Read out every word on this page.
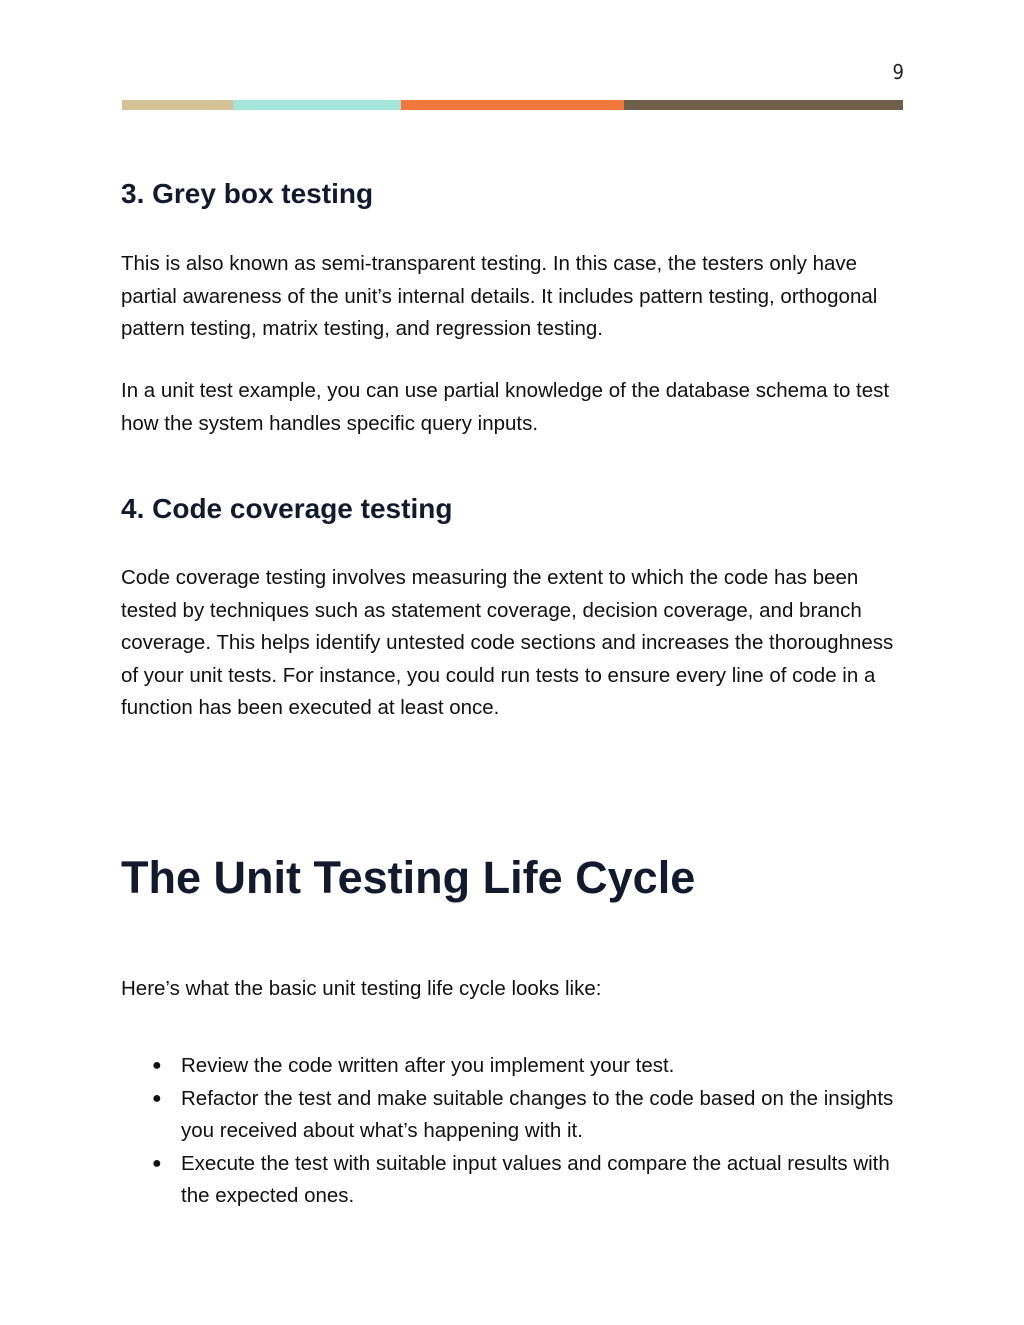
9
3. Grey box testing

This is also known as semi-transparent testing. In this case, the testers only have partial awareness of the unit’s internal details. It includes pattern testing, orthogonal pattern testing, matrix testing, and regression testing.

In a unit test example, you can use partial knowledge of the database schema to test how the system handles specific query inputs.

4. Code coverage testing

Code coverage testing involves measuring the extent to which the code has been tested by techniques such as statement coverage, decision coverage, and branch coverage. This helps identify untested code sections and increases the thoroughness of your unit tests. For instance, you could run tests to ensure every line of code in a function has been executed at least once.

The Unit Testing Life Cycle

Here’s what the basic unit testing life cycle looks like:

● Review the code written after you implement your test.
● Refactor the test and make suitable changes to the code based on the insights you received about what’s happening with it.
● Execute the test with suitable input values and compare the actual results with the expected ones.
